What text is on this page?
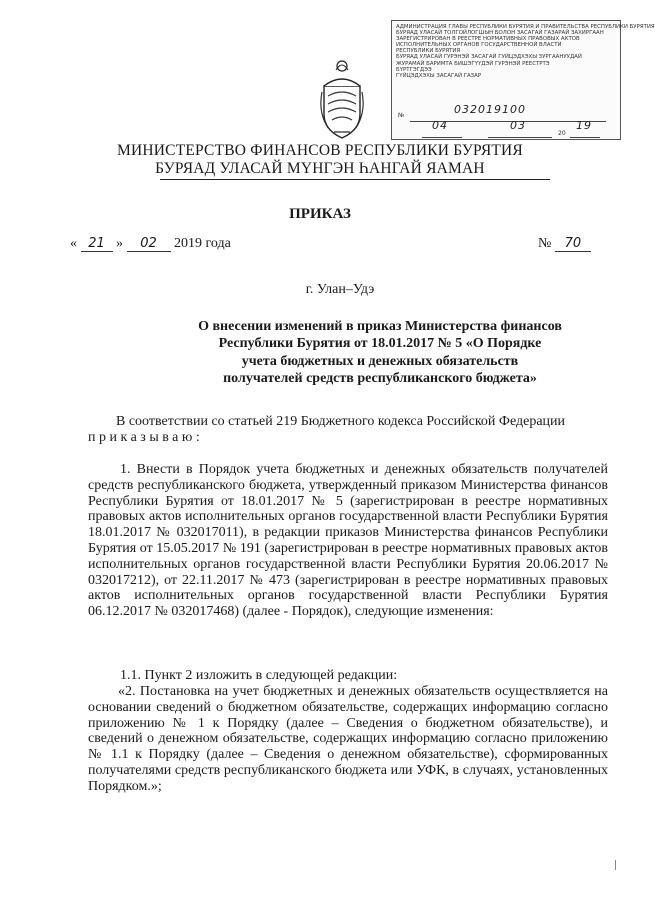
АДМИНИСТРАЦИЯ ГЛАВЫ РЕСПУБЛИКИ БУРЯТИЯ И ПРАВИТЕЛЬСТВА РЕСПУБЛИКИ БУРЯТИЯ
БУРЯАД УЛАСАЙ ТОЛГОЙЛОГШЫН БОЛОН ЗАСАГАЙ ГАЗАРАЙ ЗАХИРГААН
ЗАРЕГИСТРИРОВАН В РЕЕСТРЕ НОРМАТИВНЫХ ПРАВОВЫХ АКТОВ
ИСПОЛНИТЕЛЬНЫХ ОРГАНОВ ГОСУДАРСТВЕННОЙ ВЛАСТИ
РЕСПУБЛИКИ БУРЯТИЯ
БУРЯАД УЛАСАЙ ГУРЭНЭЙ ЗАСАГАЙ ГУЙЦЭДХЭХЫ ЗУРГААНУУДАЙ
ЖУРАМАЙ БАРИМТА БИШЭГҮҮДЭЙ ГУРЭНЭЙ РЕЕСТРТЭ
БҮРТГЭГДЭЭ
ГҮЙЦЭДХЭХЫ ЗАСАГАЙ ГАЗАР
№	032019100
04	03
20
19
МИНИСТЕРСТВО ФИНАНСОВ РЕСПУБЛИКИ БУРЯТИЯ
БУРЯАД УЛАСАЙ МҮНГЭН ҺАНГАЙ ЯАМАН
ПРИКАЗ
« 21 » 02 2019 года	№ 70
г. Улан–Удэ
О внесении изменений в приказ Министерства финансов
Республики Бурятия от 18.01.2017 № 5 «О Порядке
учета бюджетных и денежных обязательств
получателей средств республиканского бюджета»
В соответствии со статьей 219 Бюджетного кодекса Российской Федерации
приказываю:
1. Внести в Порядок учета бюджетных и денежных обязательств получателей средств республиканского бюджета, утвержденный приказом Министерства финансов Республики Бурятия от 18.01.2017 № 5 (зарегистрирован в реестре нормативных правовых актов исполнительных органов государственной власти Республики Бурятия 18.01.2017 № 032017011), в редакции приказов Министерства финансов Республики Бурятия от 15.05.2017 № 191 (зарегистрирован в реестре нормативных правовых актов исполнительных органов государственной власти Республики Бурятия 20.06.2017 № 032017212), от 22.11.2017 № 473 (зарегистрирован в реестре нормативных правовых актов исполнительных органов государственной власти Республики Бурятия 06.12.2017 № 032017468) (далее - Порядок), следующие изменения:
1.1. Пункт 2 изложить в следующей редакции:
«2. Постановка на учет бюджетных и денежных обязательств осуществляется на основании сведений о бюджетном обязательстве, содержащих информацию согласно приложению № 1 к Порядку (далее – Сведения о бюджетном обязательстве), и сведений о денежном обязательстве, содержащих информацию согласно приложению № 1.1 к Порядку (далее – Сведения о денежном обязательстве), сформированных получателями средств республиканского бюджета или УФК, в случаях, установленных Порядком.»;
